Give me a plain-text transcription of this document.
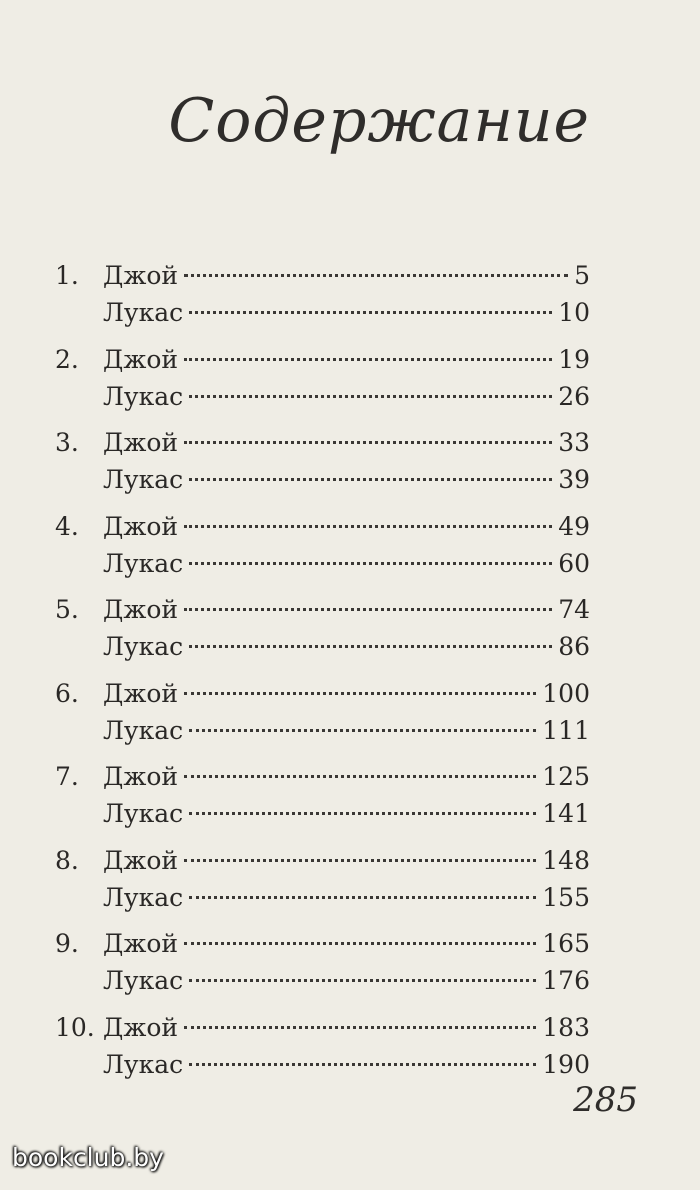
Содержание
1. Джой	5
Лукас	10
2. Джой	19
Лукас	26
3. Джой	33
Лукас	39
4. Джой	49
Лукас	60
5. Джой	74
Лукас	86
6. Джой	100
Лукас	111
7. Джой	125
Лукас	141
8. Джой	148
Лукас	155
9. Джой	165
Лукас	176
10. Джой	183
Лукас	190
285
bookclub.by
